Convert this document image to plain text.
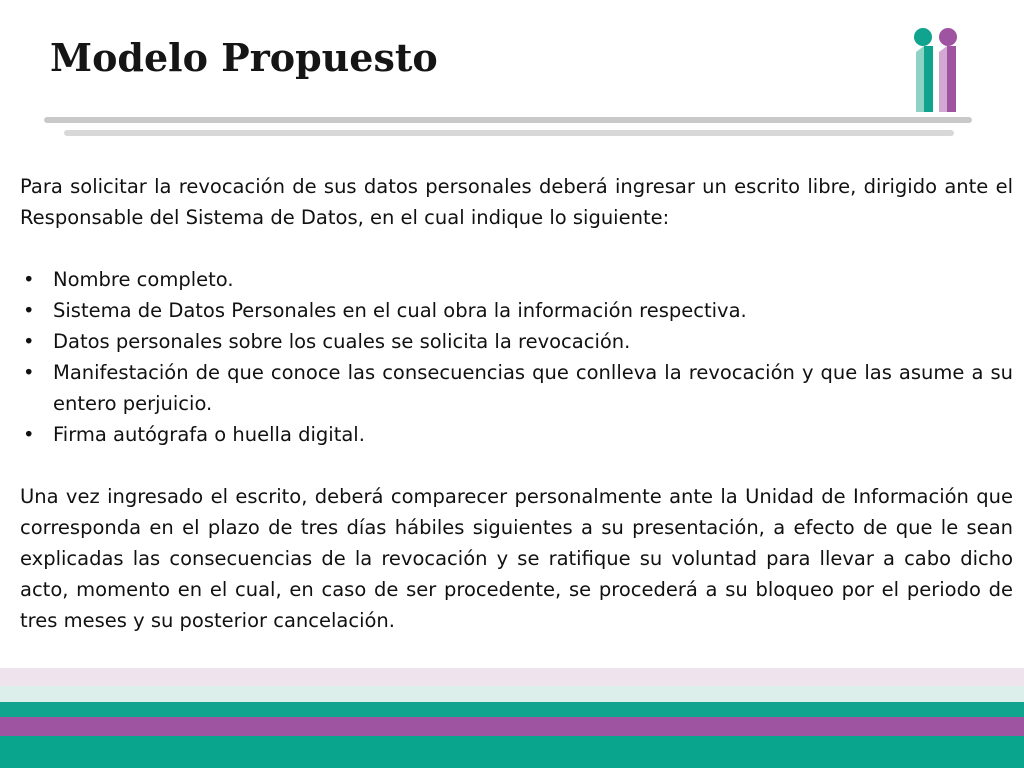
Modelo Propuesto

Para solicitar la revocación de sus datos personales deberá ingresar un escrito libre, dirigido ante el Responsable del Sistema de Datos, en el cual indique lo siguiente:

• Nombre completo.
• Sistema de Datos Personales en el cual obra la información respectiva.
• Datos personales sobre los cuales se solicita la revocación.
• Manifestación de que conoce las consecuencias que conlleva la revocación y que las asume a su entero perjuicio.
• Firma autógrafa o huella digital.

Una vez ingresado el escrito, deberá comparecer personalmente ante la Unidad de Información que corresponda en el plazo de tres días hábiles siguientes a su presentación, a efecto de que le sean explicadas las consecuencias de la revocación y se ratifique su voluntad para llevar a cabo dicho acto, momento en el cual, en caso de ser procedente, se procederá a su bloqueo por el periodo de tres meses y su posterior cancelación.
